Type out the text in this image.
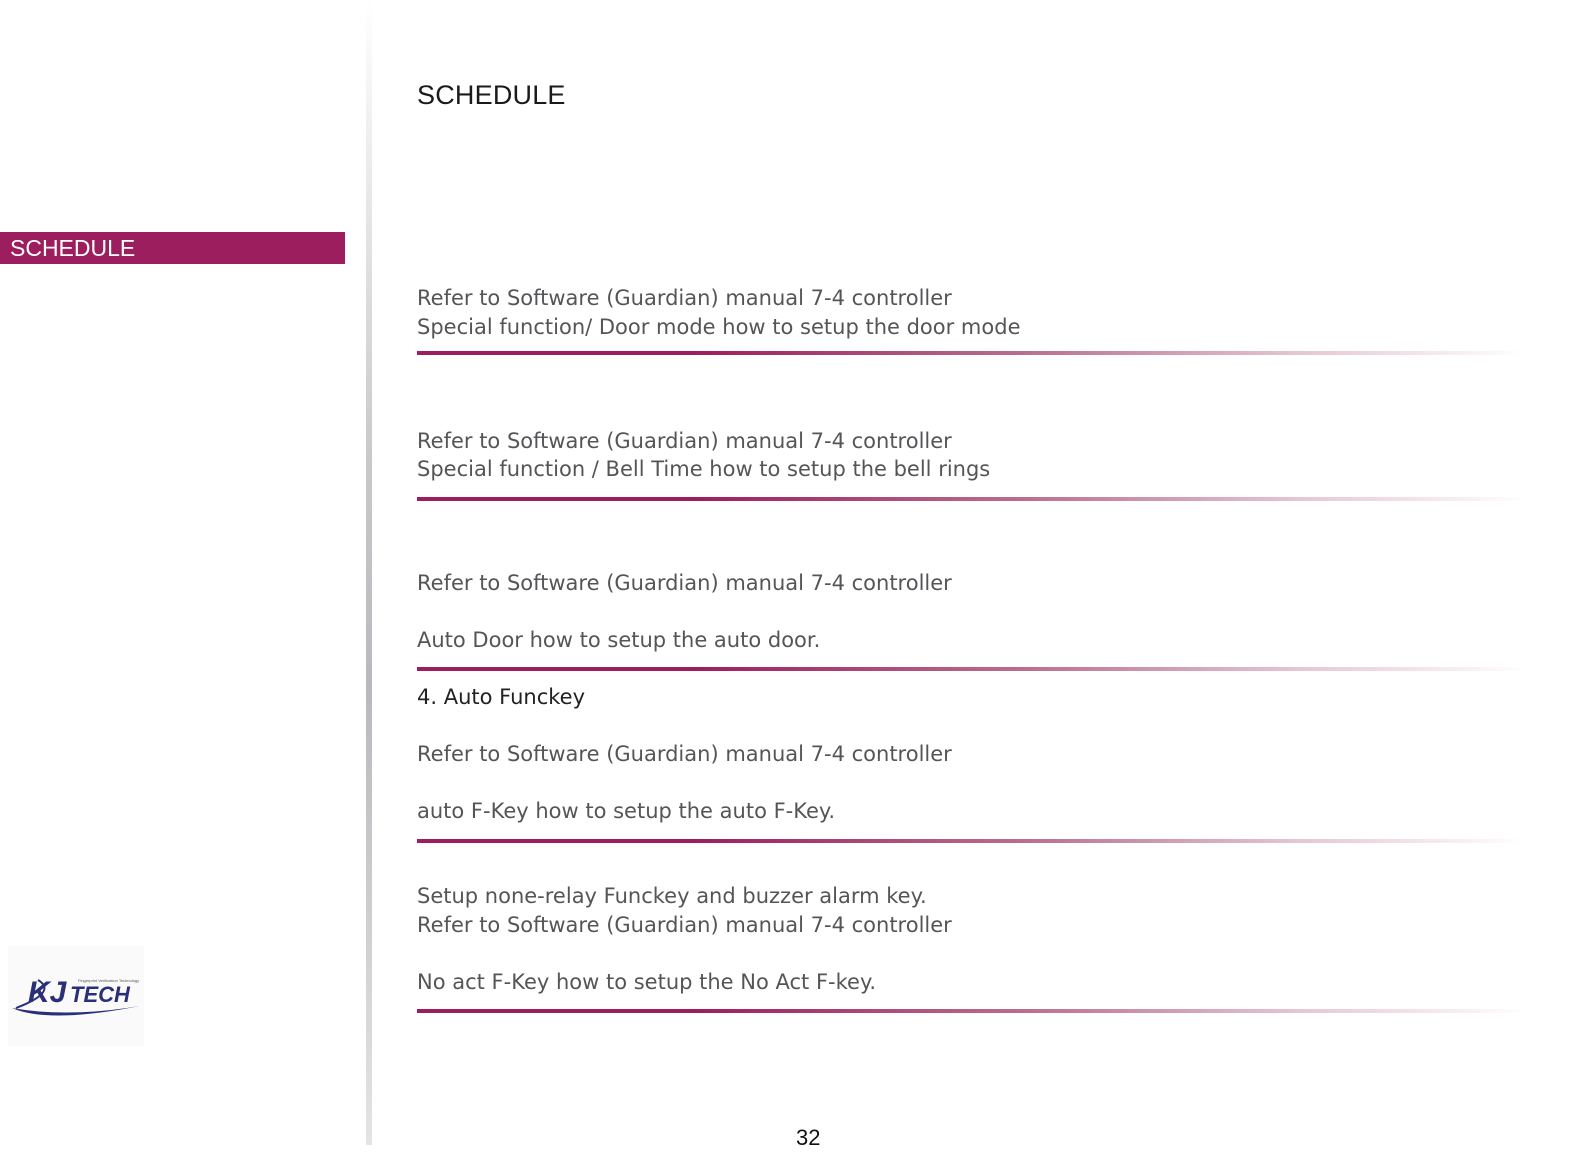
SCHEDULE
KJ TECH
Fingerprint Verification Technology
SCHEDULE
Refer to Software (Guardian) manual 7-4 controller
Special function/ Door mode how to setup the door mode
Refer to Software (Guardian) manual 7-4 controller
Special function / Bell Time how to setup the bell rings
Refer to Software (Guardian) manual 7-4 controller
Auto Door how to setup the auto door.
4. Auto Funckey
Refer to Software (Guardian) manual 7-4 controller
auto F-Key how to setup the auto F-Key.
Setup none-relay Funckey and buzzer alarm key.
Refer to Software (Guardian) manual 7-4 controller
No act F-Key how to setup the No Act F-key.
32
